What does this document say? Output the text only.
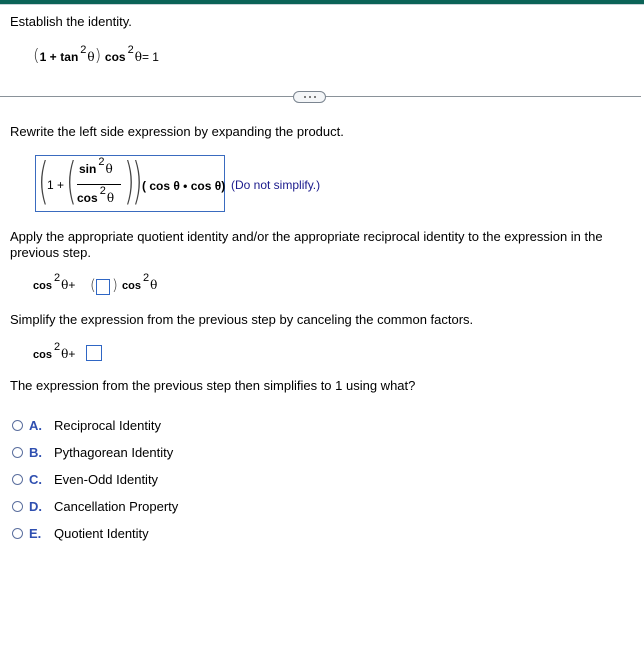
Establish the identity.
(1 + tan $^2$θ) cos $^2$θ= 1
Rewrite the left side expression by expanding the product.
(
1 + ( sin $^2$θ
cos $^2$θ )
) ( cos θ • cos θ) (Do not simplify.)
Apply the appropriate quotient identity and/or the appropriate reciprocal identity to the expression in the
previous step.
$\cos^2\theta+$ ( ) $\cos^2\theta$
Simplify the expression from the previous step by canceling the common factors.
$\cos^2\theta+$
The expression from the previous step then simplifies to 1 using what?
A. Reciprocal Identity
B. Pythagorean Identity
C. Even-Odd Identity
D. Cancellation Property
E. Quotient Identity
